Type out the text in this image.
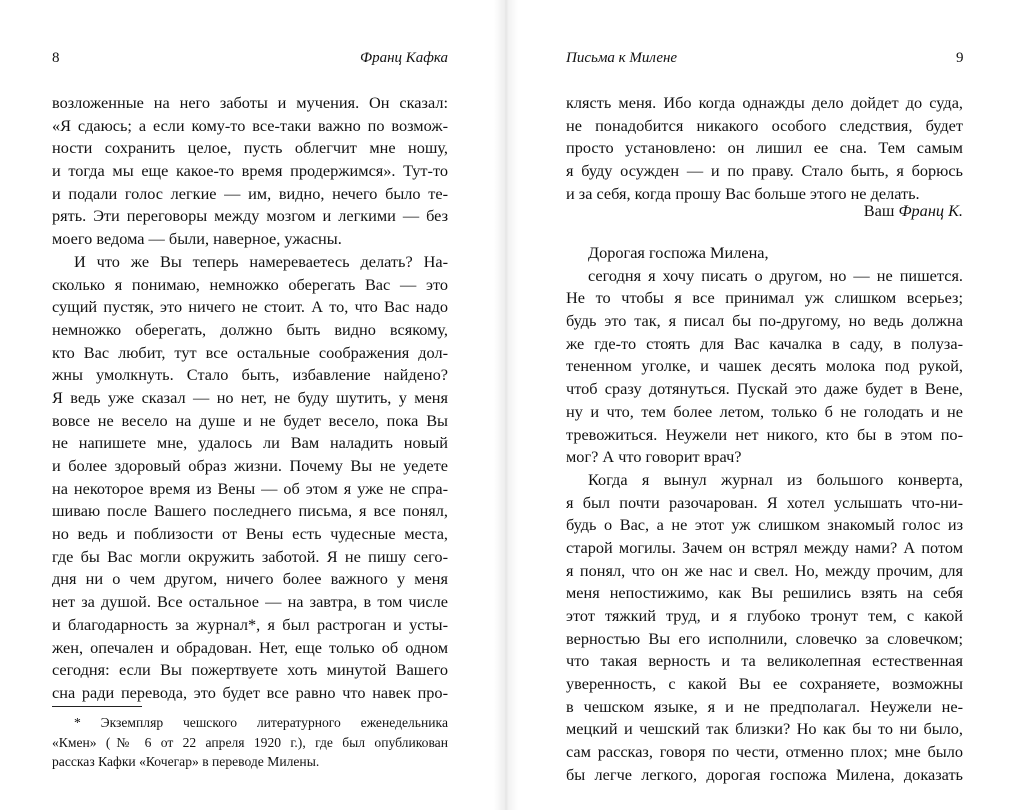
8	Франц Кафка
возложенные на него заботы и мучения. Он сказал:
«Я сдаюсь; а если кому-то все-таки важно по возмож-
ности сохранить целое, пусть облегчит мне ношу,
и тогда мы еще какое-то время продержимся». Тут-то
и подали голос легкие — им, видно, нечего было те-
рять. Эти переговоры между мозгом и легкими — без
моего ведома — были, наверное, ужасны.
И что же Вы теперь намереваетесь делать? На-
сколько я понимаю, немножко оберегать Вас — это
сущий пустяк, это ничего не стоит. А то, что Вас надо
немножко оберегать, должно быть видно всякому,
кто Вас любит, тут все остальные соображения дол-
жны умолкнуть. Стало быть, избавление найдено?
Я ведь уже сказал — но нет, не буду шутить, у меня
вовсе не весело на душе и не будет весело, пока Вы
не напишете мне, удалось ли Вам наладить новый
и более здоровый образ жизни. Почему Вы не уедете
на некоторое время из Вены — об этом я уже не спра-
шиваю после Вашего последнего письма, я все понял,
но ведь и поблизости от Вены есть чудесные места,
где бы Вас могли окружить заботой. Я не пишу сего-
дня ни о чем другом, ничего более важного у меня
нет за душой. Все остальное — на завтра, в том числе
и благодарность за журнал*, я был растроган и усты-
жен, опечален и обрадован. Нет, еще только об одном
сегодня: если Вы пожертвуете хоть минутой Вашего
сна ради перевода, это будет все равно что навек про-
* Экземпляр чешского литературного еженедельника
«Кмен» (№ 6 от 22 апреля 1920 г.), где был опубликован
рассказ Кафки «Кочегар» в переводе Милены.
Письма к Милене	9
клясть меня. Ибо когда однажды дело дойдет до суда,
не понадобится никакого особого следствия, будет
просто установлено: он лишил ее сна. Тем самым
я буду осужден — и по праву. Стало быть, я борюсь
и за себя, когда прошу Вас больше этого не делать.
Ваш Франц К.
Дорогая госпожа Милена,
сегодня я хочу писать о другом, но — не пишется.
Не то чтобы я все принимал уж слишком всерьез;
будь это так, я писал бы по-другому, но ведь должна
же где-то стоять для Вас качалка в саду, в полуза-
тененном уголке, и чашек десять молока под рукой,
чтоб сразу дотянуться. Пускай это даже будет в Вене,
ну и что, тем более летом, только б не голодать и не
тревожиться. Неужели нет никого, кто бы в этом по-
мог? А что говорит врач?
Когда я вынул журнал из большого конверта,
я был почти разочарован. Я хотел услышать что-ни-
будь о Вас, а не этот уж слишком знакомый голос из
старой могилы. Зачем он встрял между нами? А потом
я понял, что он же нас и свел. Но, между прочим, для
меня непостижимо, как Вы решились взять на себя
этот тяжкий труд, и я глубоко тронут тем, с какой
верностью Вы его исполнили, словечко за словечком;
что такая верность и та великолепная естественная
уверенность, с какой Вы ее сохраняете, возможны
в чешском языке, я и не предполагал. Неужели не-
мецкий и чешский так близки? Но как бы то ни было,
сам рассказ, говоря по чести, отменно плох; мне было
бы легче легкого, дорогая госпожа Милена, доказать
